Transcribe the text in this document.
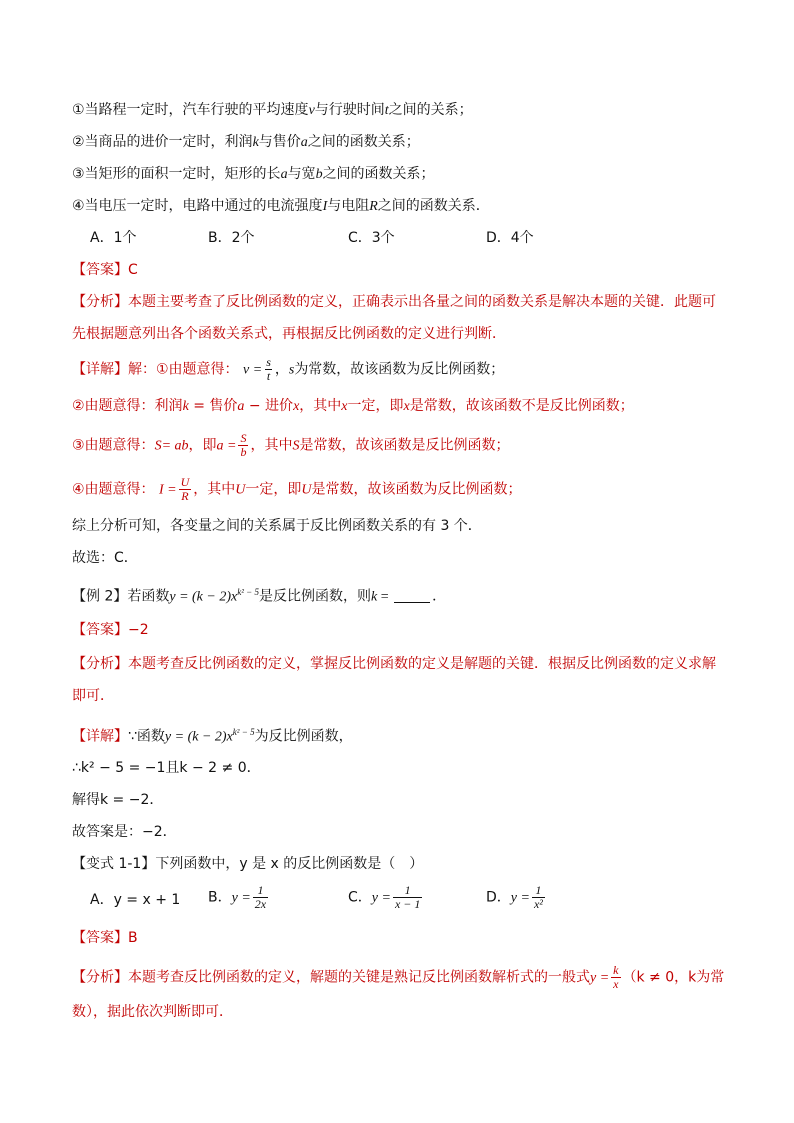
①当路程一定时，汽车行驶的平均速度v与行驶时间t之间的关系；
②当商品的进价一定时，利润k与售价a之间的函数关系；
③当矩形的面积一定时，矩形的长a与宽b之间的函数关系；
④当电压一定时，电路中通过的电流强度I与电阻R之间的函数关系．
A．1个	B．2个	C．3个	D．4个
【答案】C
【分析】本题主要考查了反比例函数的定义，正确表示出各量之间的函数关系是解决本题的关键．此题可
先根据题意列出各个函数关系式，再根据反比例函数的定义进行判断．
【详解】解：①由题意得： $v = \frac{s}{t}$ ，s为常数，故该函数为反比例函数；
②由题意得：利润k = 售价a − 进价x，其中x一定，即x是常数，故该函数不是反比例函数；
③由题意得：S= ab，即$a = \frac{S}{b}$ ，其中S是常数，故该函数是反比例函数；
④由题意得： $I = \frac{U}{R}$ ，其中U一定，即U是常数，故该函数为反比例函数；
综上分析可知，各变量之间的关系属于反比例函数关系的有 3 个．
故选：C．
【例 2】若函数$y = (k - 2)x^{k^2 - 5}$是反比例函数，则k =	．
【答案】−2
【分析】本题考查反比例函数的定义，掌握反比例函数的定义是解题的关键．根据反比例函数的定义求解
即可．
【详解】∵函数$y = (k - 2)x^{k^2 - 5}$为反比例函数，
∴k² − 5 = −1且k − 2 ≠ 0．
解得k = −2．
故答案是：−2．
【变式 1-1】下列函数中，y 是 x 的反比例函数是（　）
A．y = x + 1 B．$y = \frac{1}{2x}$	C．$y = \frac{1}{x - 1}$	D．$y = \frac{1}{\text{x²}}$
【答案】B
【分析】本题考查反比例函数的定义，解题的关键是熟记反比例函数解析式的一般式$y = \frac{k}{x} (k \ne 0$，k为常
数），据此依次判断即可．
